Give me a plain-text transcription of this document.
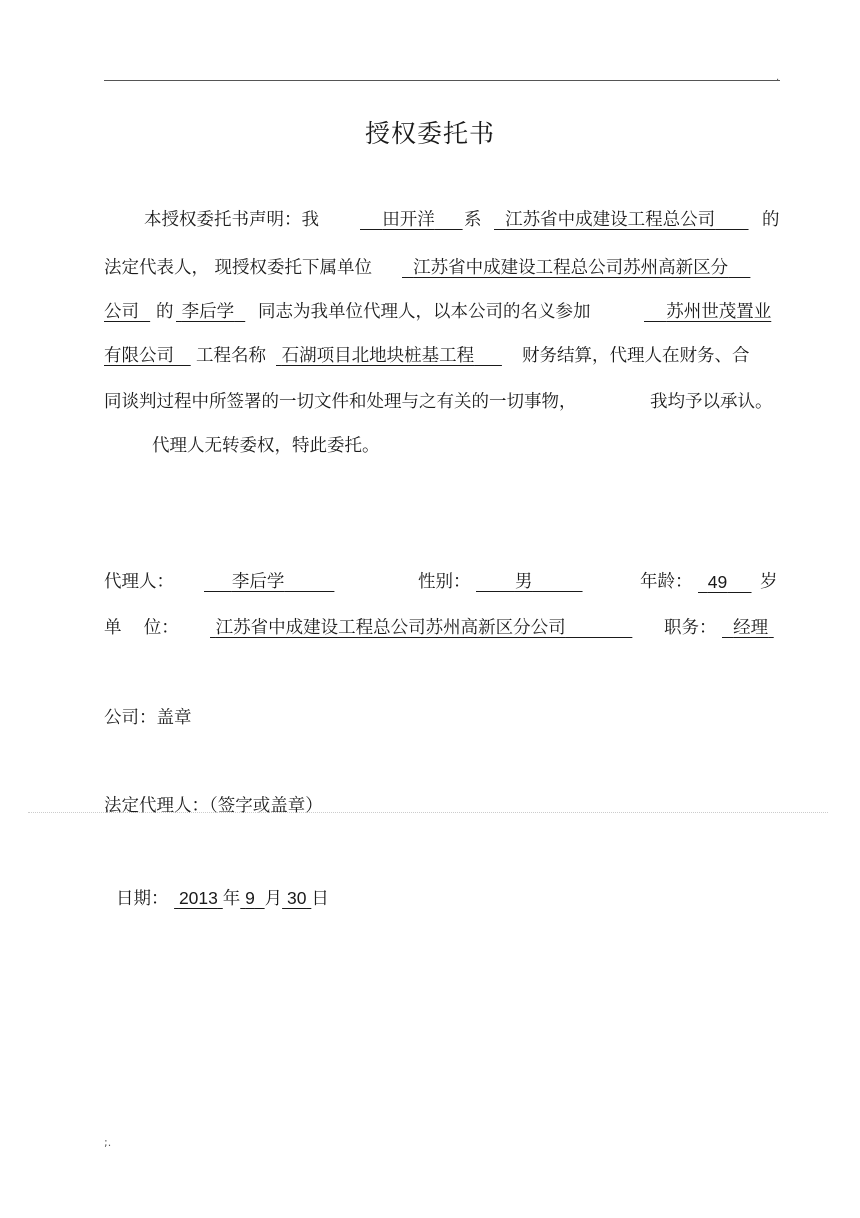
.
授权委托书
本授权委托书声明：我	田开洋	系	江苏省中成建设工程总公司	的
法定代表人， 现授权委托下属单位	江苏省中成建设工程总公司苏州高新区分
公司 的 李后学	同志为我单位代理人，以本公司的名义参加	苏州世茂置业
有限公司	工程名称 石湖项目北地块桩基工程	财务结算，代理人在财务、合
同谈判过程中所签署的一切文件和处理与之有关的一切事物，	我均予以承认。
代理人无转委权，特此委托。
代理人：	李后学	性别：	男	年龄： 49	岁
单    位：	江苏省中成建设工程总公司苏州高新区分公司	职务： 经理
公司：盖章
法定代理人：（签字或盖章）
日期： 2013 年 9 月 30 日
;.
